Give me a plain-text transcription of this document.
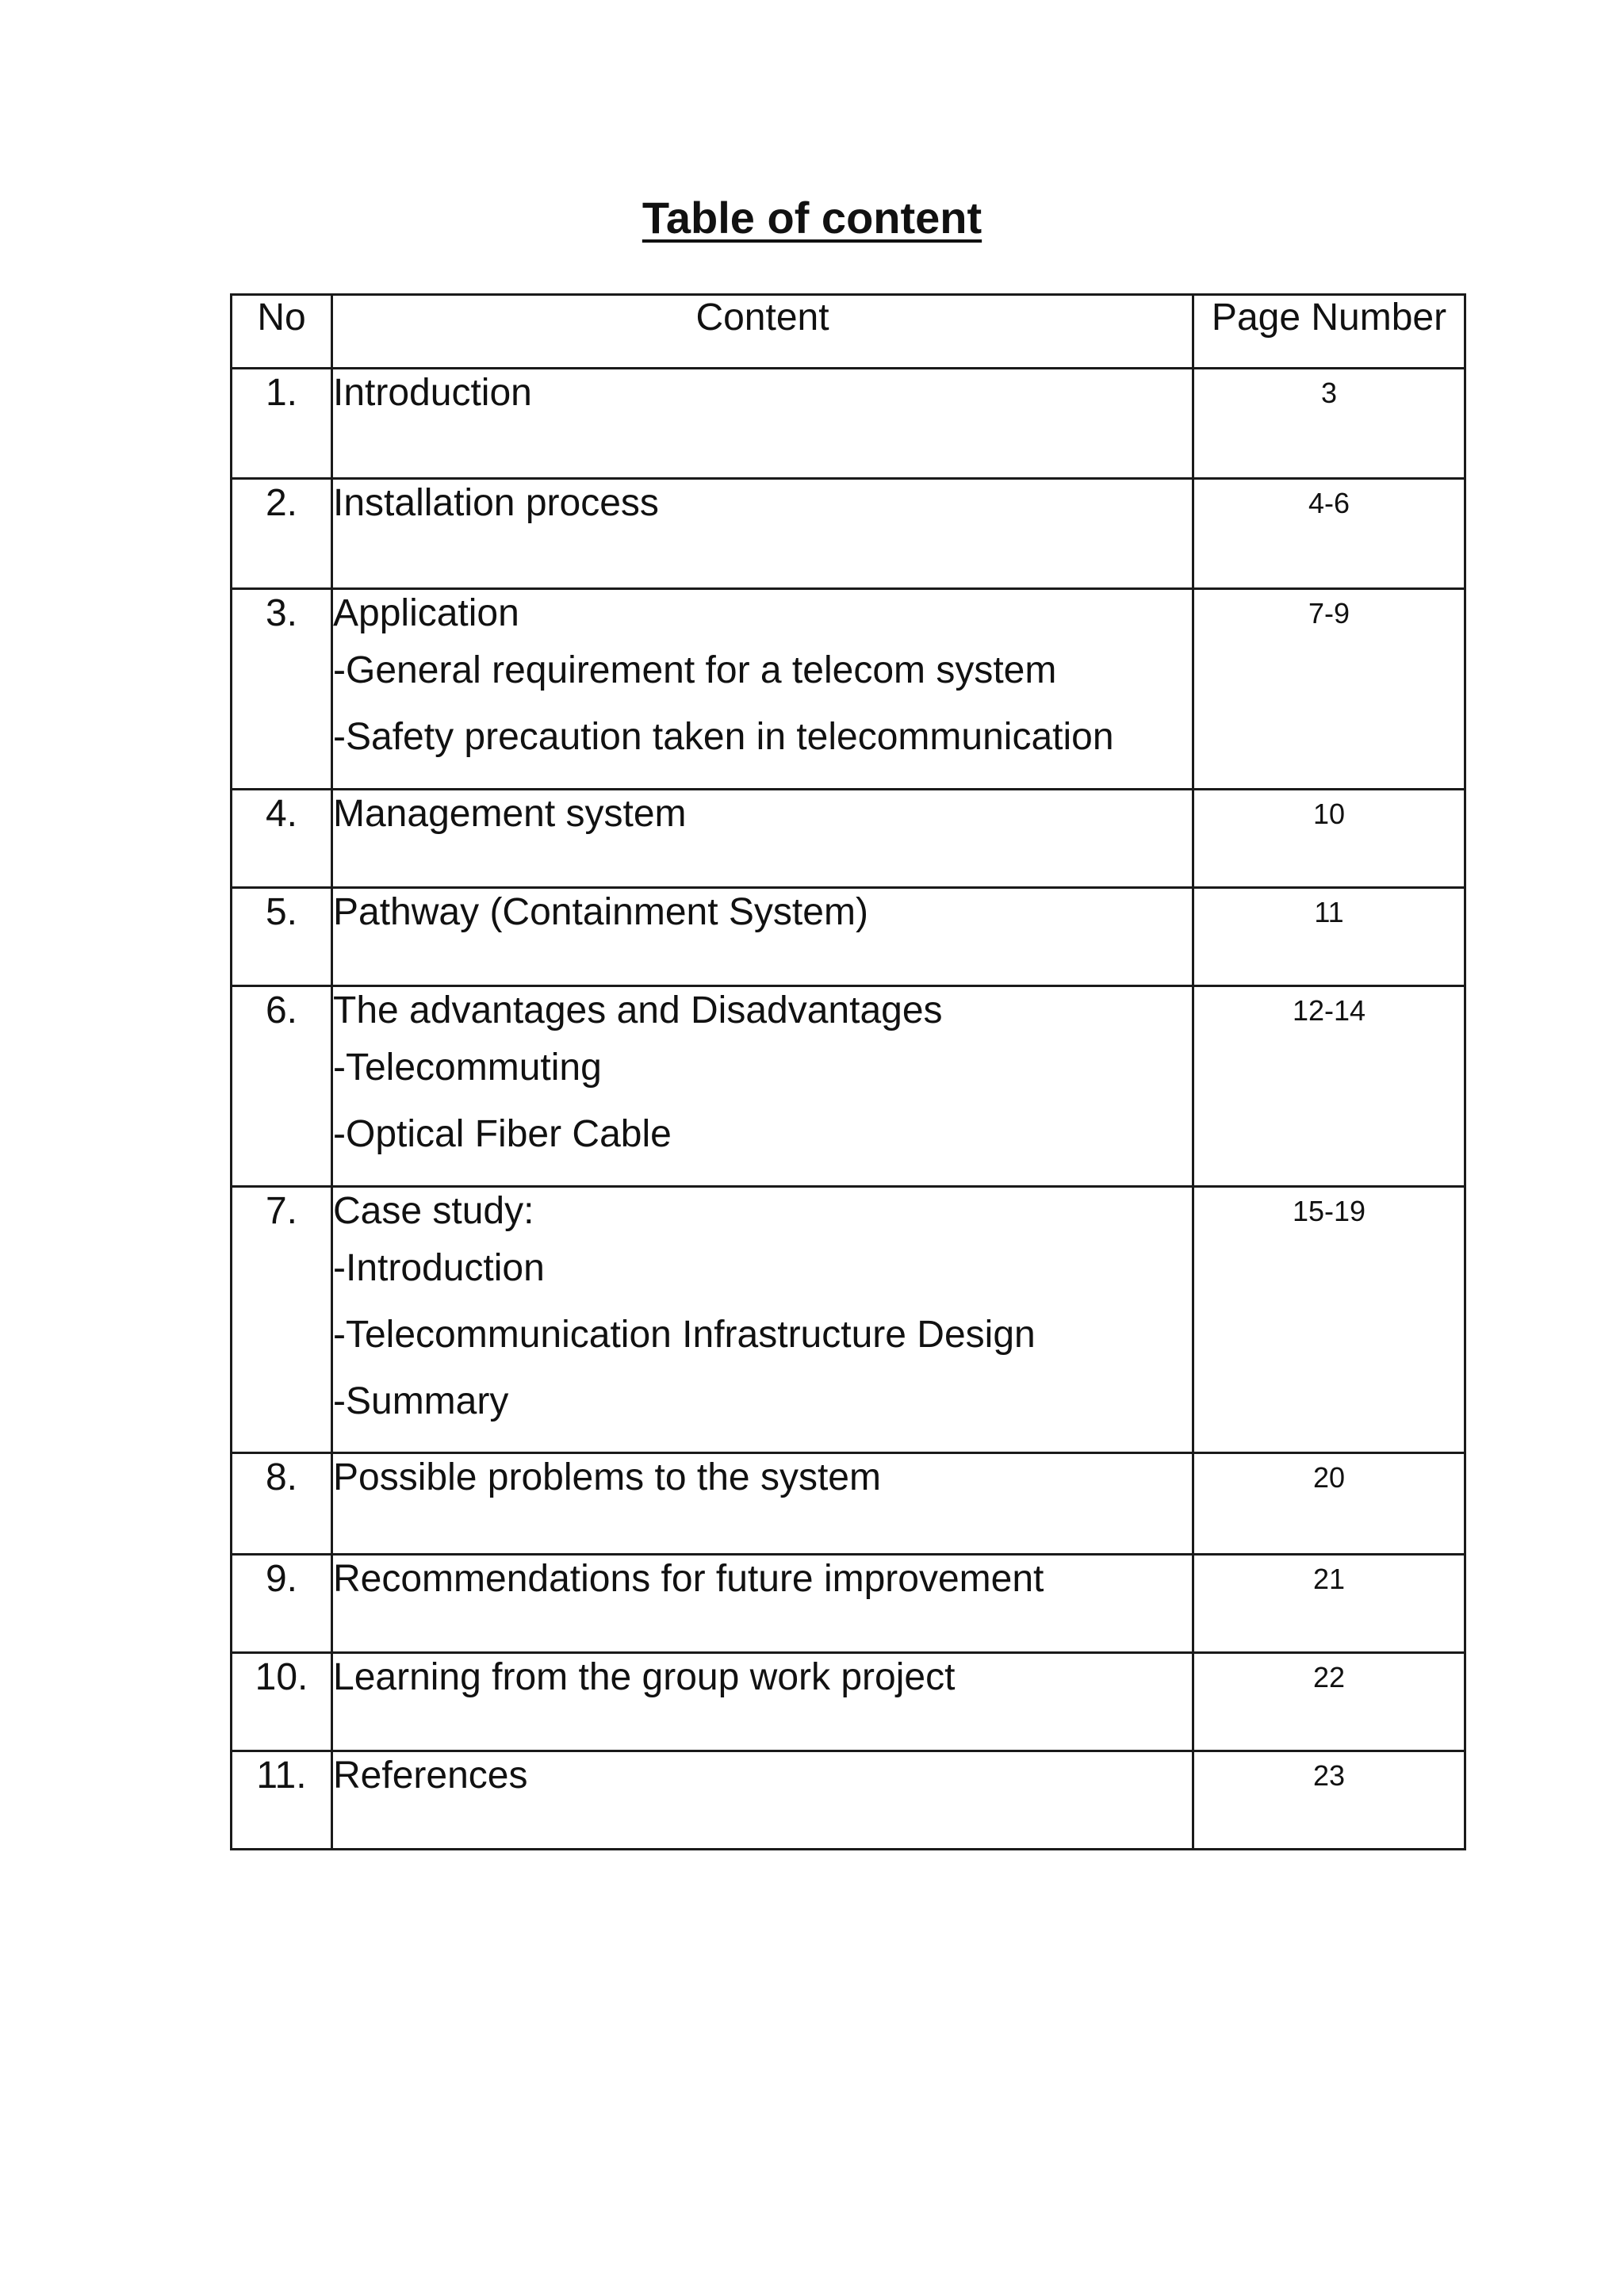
Table of content
No	Content	Page Number

1.	Introduction	3

2.	Installation process	4-6

3.	Application
-General requirement for a telecom system
-Safety precaution taken in telecommunication	7-9

4.	Management system	10

5.	Pathway (Containment System)	11

6.	The advantages and Disadvantages
-Telecommuting
-Optical Fiber Cable	12-14

7.	Case study:
-Introduction
-Telecommunication Infrastructure Design
-Summary	15-19

8.	Possible problems to the system	20

9.	Recommendations for future improvement	21

10.	Learning from the group work project	22

11.	References	23
